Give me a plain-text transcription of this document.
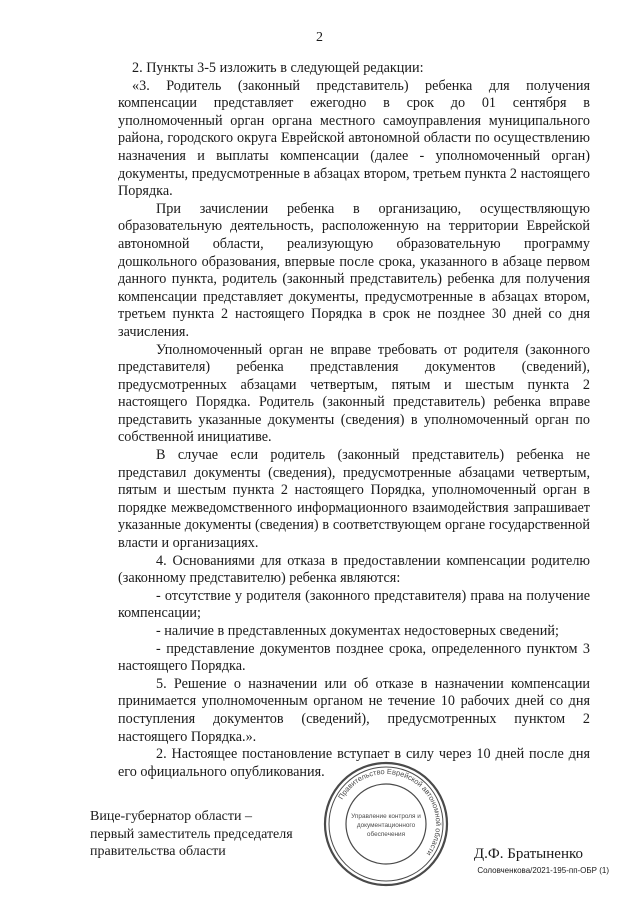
2

2. Пункты 3-5 изложить в следующей редакции:

«3. Родитель (законный представитель) ребенка для получения компенсации представляет ежегодно в срок до 01 сентября в уполномоченный орган органа местного самоуправления муниципального района, городского округа Еврейской автономной области по осуществлению назначения и выплаты компенсации (далее - уполномоченный орган) документы, предусмотренные в абзацах втором, третьем пункта 2 настоящего Порядка.

При зачислении ребенка в организацию, осуществляющую образовательную деятельность, расположенную на территории Еврейской автономной области, реализующую образовательную программу дошкольного образования, впервые после срока, указанного в абзаце первом данного пункта, родитель (законный представитель) ребенка для получения компенсации представляет документы, предусмотренные в абзацах втором, третьем пункта 2 настоящего Порядка в срок не позднее 30 дней со дня зачисления.

Уполномоченный орган не вправе требовать от родителя (законного представителя) ребенка представления документов (сведений), предусмотренных абзацами четвертым, пятым и шестым пункта 2 настоящего Порядка. Родитель (законный представитель) ребенка вправе представить указанные документы (сведения) в уполномоченный орган по собственной инициативе.

В случае если родитель (законный представитель) ребенка не представил документы (сведения), предусмотренные абзацами четвертым, пятым и шестым пункта 2 настоящего Порядка, уполномоченный орган в порядке межведомственного информационного взаимодействия запрашивает указанные документы (сведения) в соответствующем органе государственной власти и организациях.

4. Основаниями для отказа в предоставлении компенсации родителю (законному представителю) ребенка являются:

- отсутствие у родителя (законного представителя) права на получение компенсации;

- наличие в представленных документах недостоверных сведений;

- представление документов позднее срока, определенного пунктом 3 настоящего Порядка.

5. Решение о назначении или об отказе в назначении компенсации принимается уполномоченным органом не течение 10 рабочих дней со дня поступления документов (сведений), предусмотренных пунктом 2 настоящего Порядка.».

2. Настоящее постановление вступает в силу через 10 дней после дня его официального опубликования.

Вице-губернатор области –
первый заместитель председателя
правительства области
Правительство Еврейской автономной области
Управление контроля и
документационного
обеспечения
Д.Ф. Братыненко
Соловченкова/2021-195-пп-ОБР (1)
